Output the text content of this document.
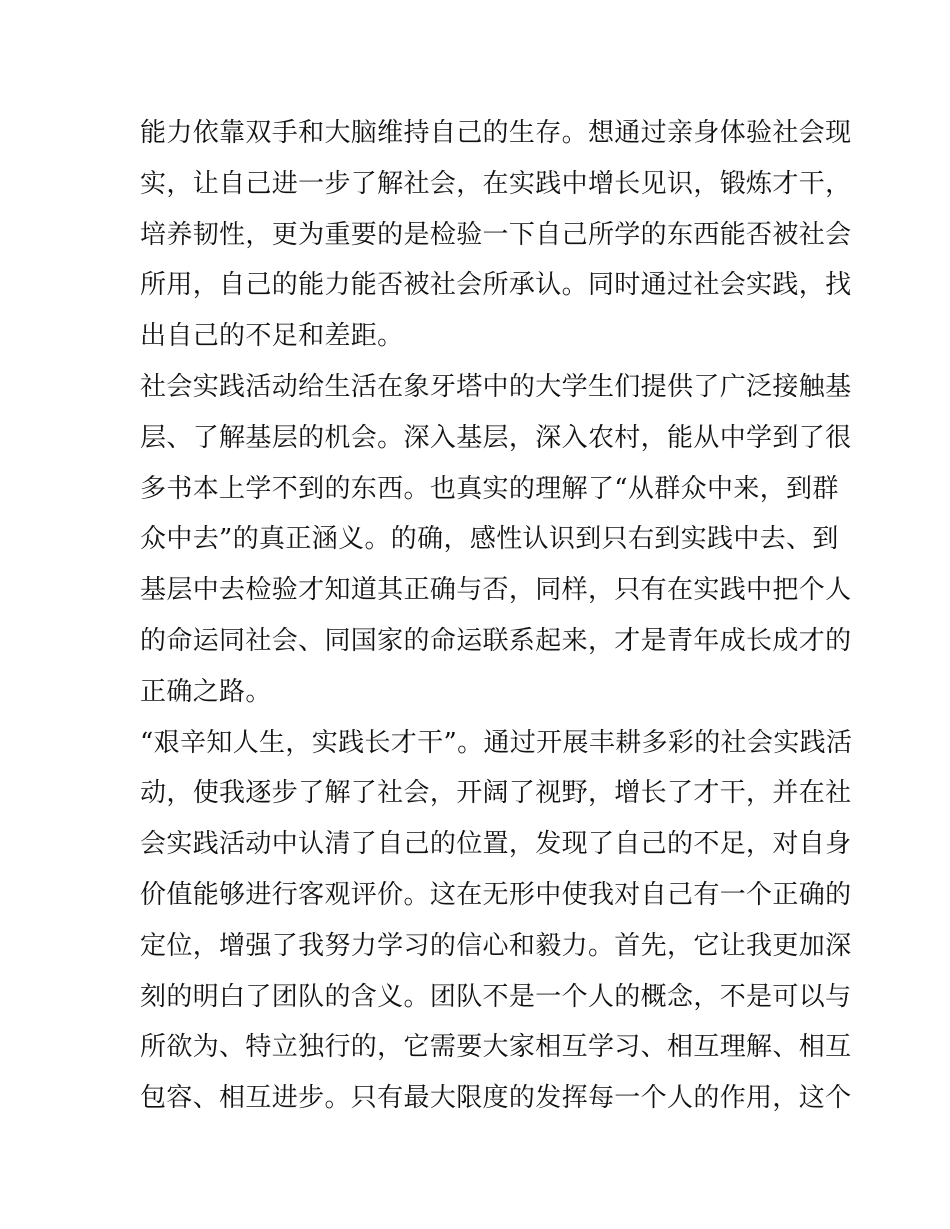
能力依靠双手和大脑维持自己的生存。想通过亲身体验社会现
实，让自己进一步了解社会，在实践中增长见识，锻炼才干，
培养韧性，更为重要的是检验一下自己所学的东西能否被社会
所用，自己的能力能否被社会所承认。同时通过社会实践，找
出自己的不足和差距。
社会实践活动给生活在象牙塔中的大学生们提供了广泛接触基
层、了解基层的机会。深入基层，深入农村，能从中学到了很
多书本上学不到的东西。也真实的理解了“从群众中来，到群
众中去”的真正涵义。的确，感性认识到只右到实践中去、到
基层中去检验才知道其正确与否，同样，只有在实践中把个人
的命运同社会、同国家的命运联系起来，才是青年成长成才的
正确之路。
“艰辛知人生，实践长才干”。通过开展丰耕多彩的社会实践活
动，使我逐步了解了社会，开阔了视野，增长了才干，并在社
会实践活动中认清了自己的位置，发现了自己的不足，对自身
价值能够进行客观评价。这在无形中使我对自己有一个正确的
定位，增强了我努力学习的信心和毅力。首先，它让我更加深
刻的明白了团队的含义。团队不是一个人的概念，不是可以与
所欲为、特立独行的，它需要大家相互学习、相互理解、相互
包容、相互进步。只有最大限度的发挥每一个人的作用，这个
